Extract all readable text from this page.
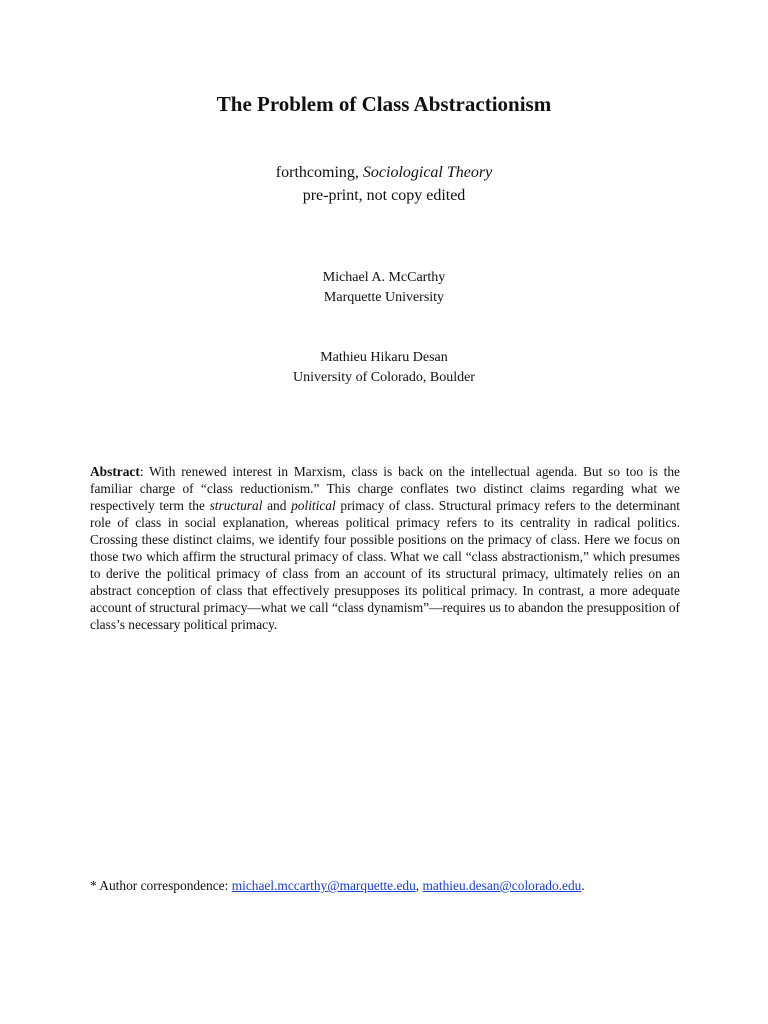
The Problem of Class Abstractionism
forthcoming, Sociological Theory
pre-print, not copy edited
Michael A. McCarthy
Marquette University
Mathieu Hikaru Desan
University of Colorado, Boulder
Abstract: With renewed interest in Marxism, class is back on the intellectual agenda. But so too is the familiar charge of “class reductionism.” This charge conflates two distinct claims regarding what we respectively term the structural and political primacy of class. Structural primacy refers to the determinant role of class in social explanation, whereas political primacy refers to its centrality in radical politics. Crossing these distinct claims, we identify four possible positions on the primacy of class. Here we focus on those two which affirm the structural primacy of class. What we call “class abstractionism,” which presumes to derive the political primacy of class from an account of its structural primacy, ultimately relies on an abstract conception of class that effectively presupposes its political primacy. In contrast, a more adequate account of structural primacy—what we call “class dynamism”—requires us to abandon the presupposition of class’s necessary political primacy.
* Author correspondence: michael.mccarthy@marquette.edu, mathieu.desan@colorado.edu.
